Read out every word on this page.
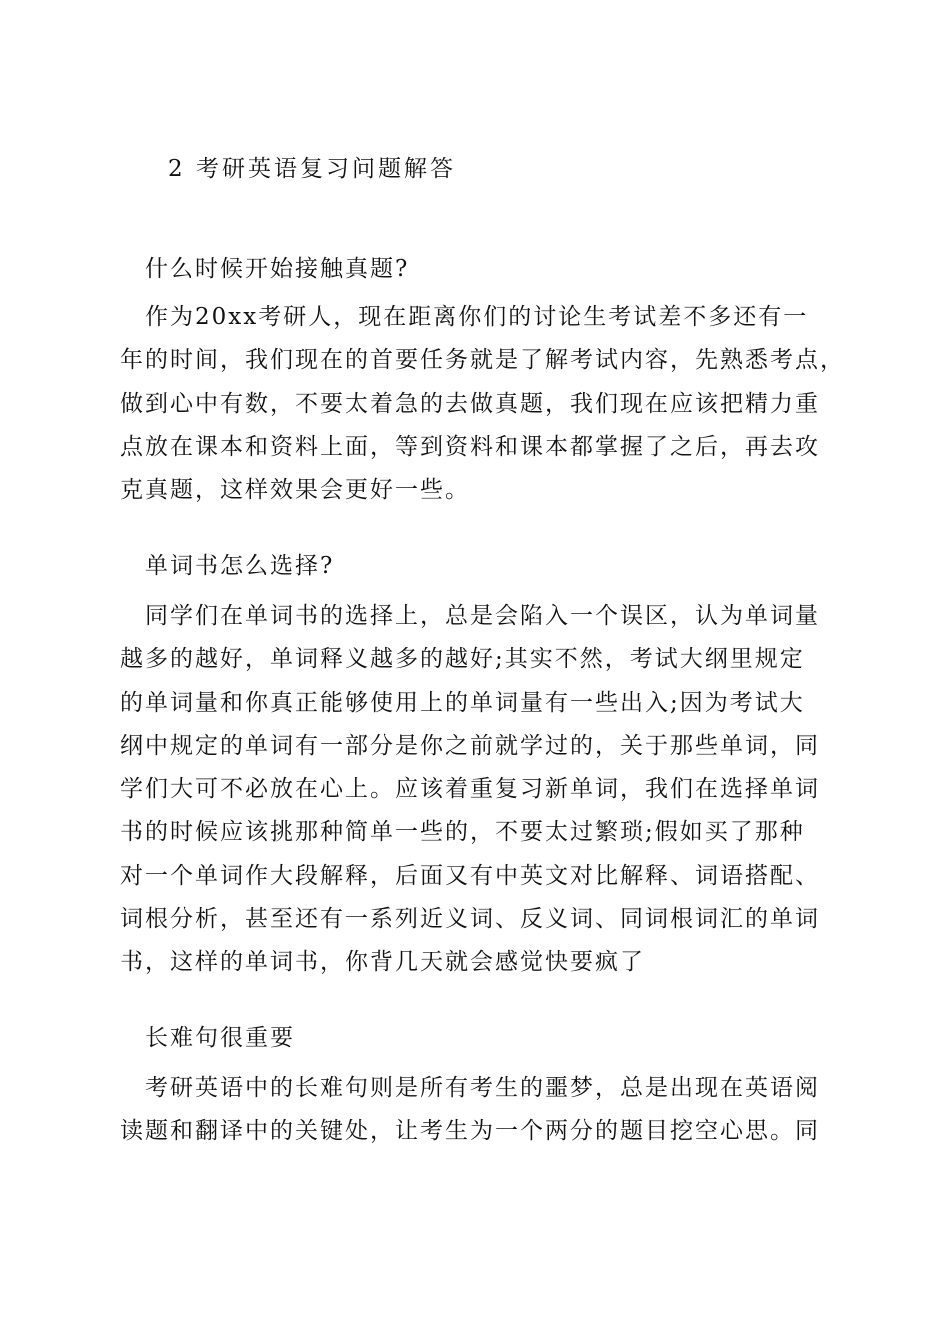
2 考研英语复习问题解答
什么时候开始接触真题?
作为20xx考研人，现在距离你们的讨论生考试差不多还有一
年的时间，我们现在的首要任务就是了解考试内容，先熟悉考点，
做到心中有数，不要太着急的去做真题，我们现在应该把精力重
点放在课本和资料上面，等到资料和课本都掌握了之后，再去攻
克真题，这样效果会更好一些。
单词书怎么选择?
同学们在单词书的选择上，总是会陷入一个误区，认为单词量
越多的越好，单词释义越多的越好;其实不然，考试大纲里规定
的单词量和你真正能够使用上的单词量有一些出入;因为考试大
纲中规定的单词有一部分是你之前就学过的，关于那些单词，同
学们大可不必放在心上。应该着重复习新单词，我们在选择单词
书的时候应该挑那种简单一些的，不要太过繁琐;假如买了那种
对一个单词作大段解释，后面又有中英文对比解释、词语搭配、
词根分析，甚至还有一系列近义词、反义词、同词根词汇的单词
书，这样的单词书，你背几天就会感觉快要疯了
长难句很重要
考研英语中的长难句则是所有考生的噩梦，总是出现在英语阅
读题和翻译中的关键处，让考生为一个两分的题目挖空心思。同
